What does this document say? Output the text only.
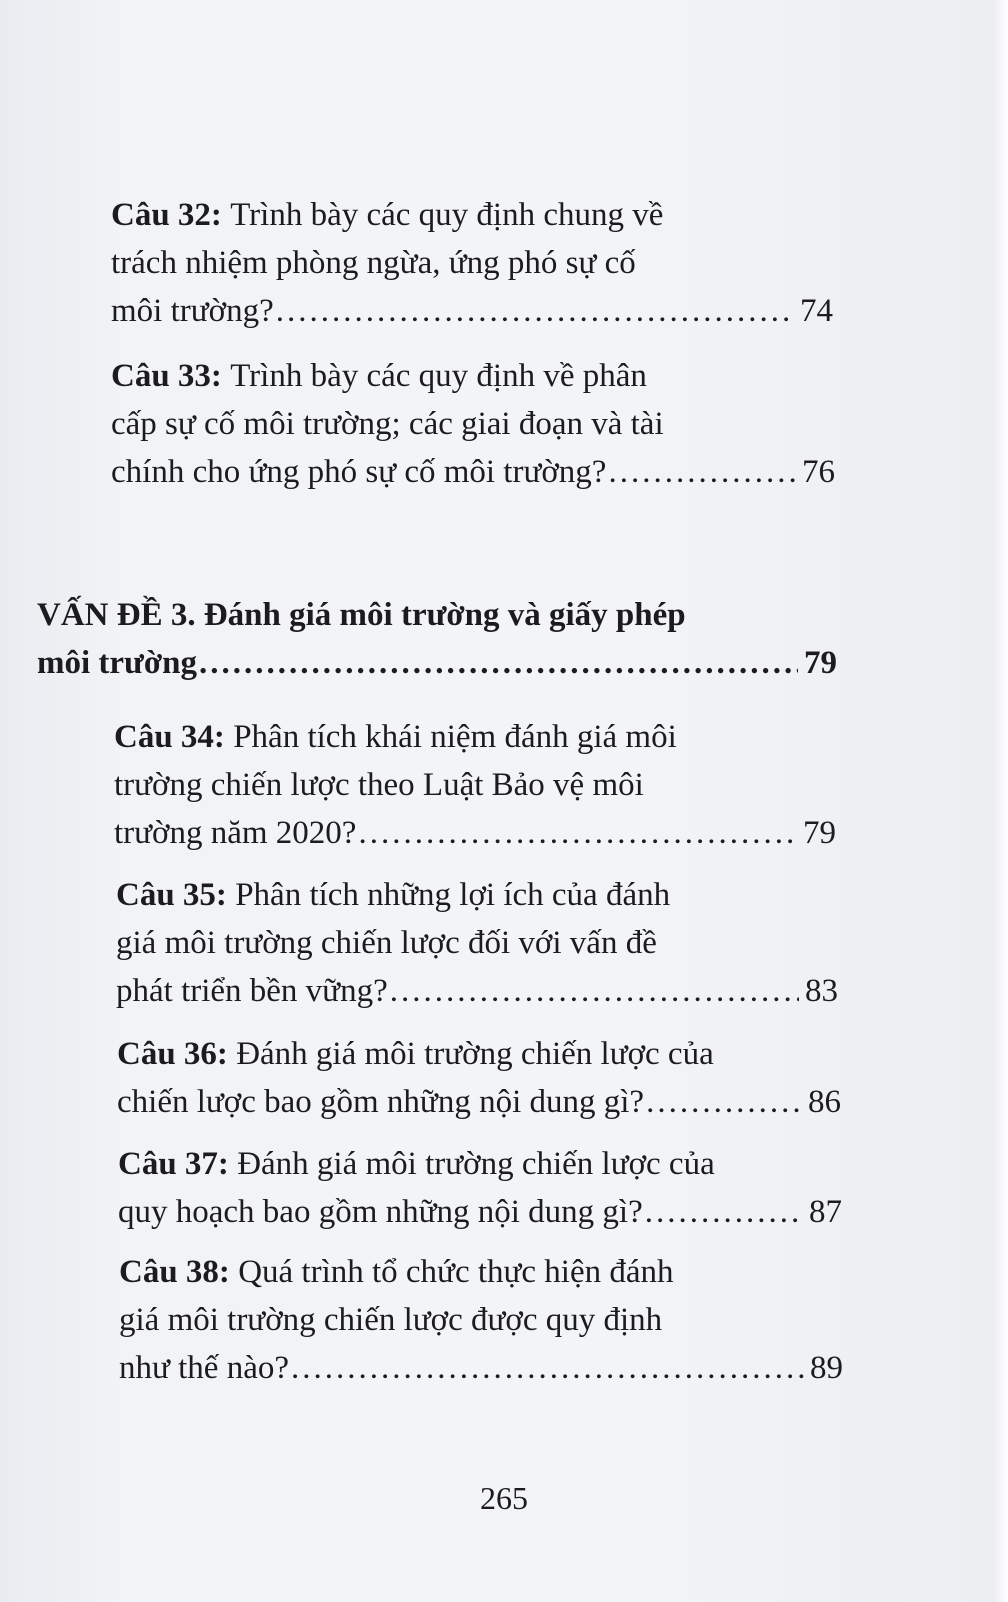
Câu 32:
Trình bày các quy định chung về
trách nhiệm phòng ngừa, ứng phó sự cố
môi trường? .....	74
Câu 33:
Trình bày các quy định về phân
cấp sự cố môi trường; các giai đoạn và tài
chính cho ứng phó sự cố môi trường? .....	76
VẤN ĐỀ 3. Đánh giá môi trường và giấy phép
môi trường .....	79
Câu 34:
Phân tích khái niệm đánh giá môi
trường chiến lược theo Luật Bảo vệ môi
trường năm 2020? .....	79
Câu 35:
Phân tích những lợi ích của đánh
giá môi trường chiến lược đối với vấn đề
phát triển bền vững? .....	83
Câu 36:
Đánh giá môi trường chiến lược của
chiến lược bao gồm những nội dung gì? .....	86
Câu 37:
Đánh giá môi trường chiến lược của
quy hoạch bao gồm những nội dung gì? .....	87
Câu 38:
Quá trình tổ chức thực hiện đánh
giá môi trường chiến lược được quy định
như thế nào? .....	89
265
